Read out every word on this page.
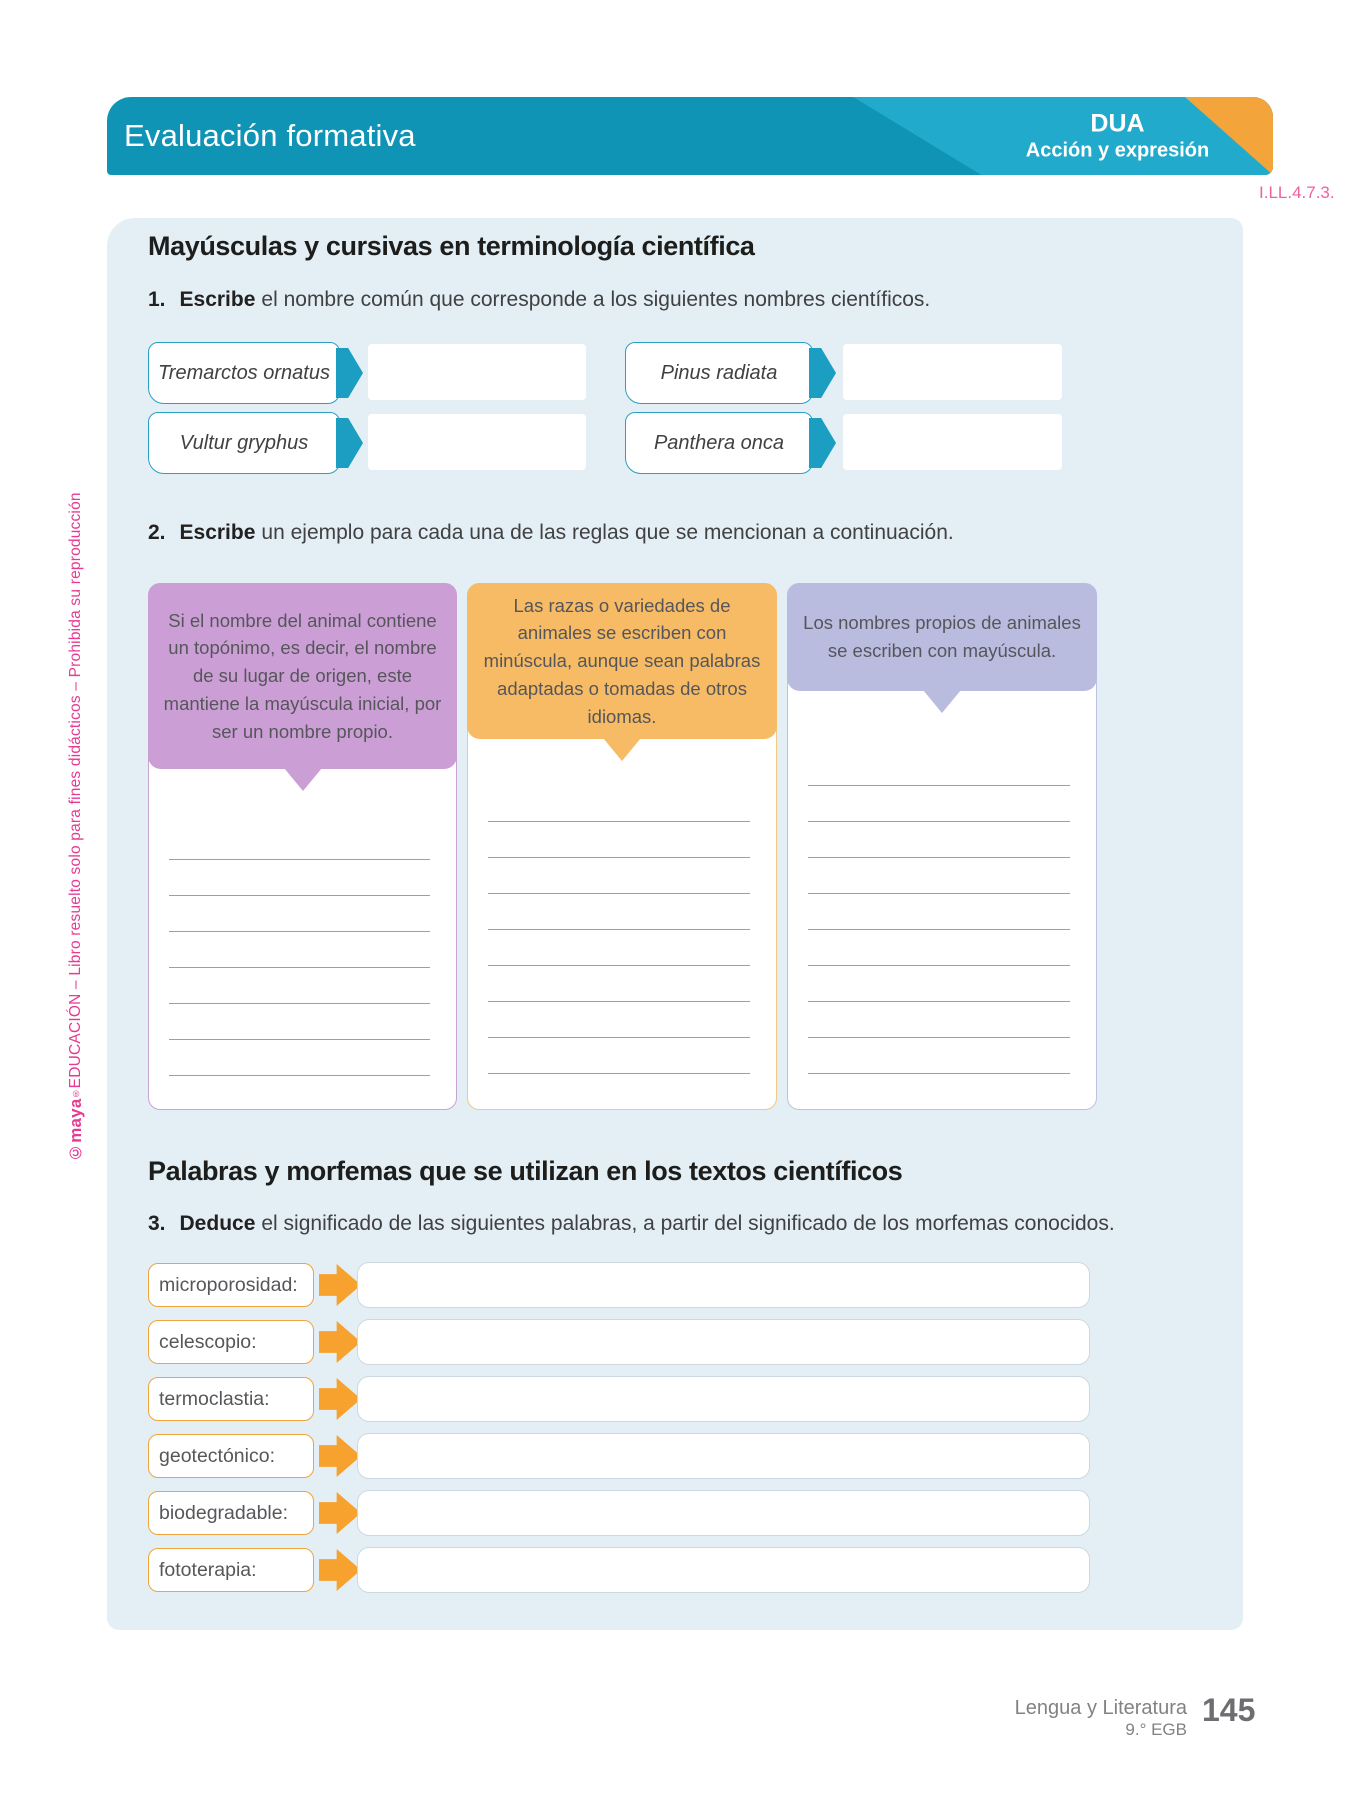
Evaluación formativa	DUA
Acción y expresión
I.LL.4.7.3.
©maya®EDUCACIÓN – Libro resuelto solo para fines didácticos – Prohibida su reproducción
Mayúsculas y cursivas en terminología científica
1. Escribe el nombre común que corresponde a los siguientes nombres científicos.
Tremarctos ornatus	Pinus radiata
Vultur gryphus	Panthera onca
2. Escribe un ejemplo para cada una de las reglas que se mencionan a continuación.
Si el nombre del animal contiene un topónimo, es decir, el nombre de su lugar de origen, este mantiene la mayúscula inicial, por ser un nombre propio.
Las razas o variedades de animales se escriben con minúscula, aunque sean palabras adaptadas o tomadas de otros idiomas.
Los nombres propios de animales se escriben con mayúscula.
Palabras y morfemas que se utilizan en los textos científicos
3. Deduce el significado de las siguientes palabras, a partir del significado de los morfemas conocidos.
microporosidad:
celescopio:
termoclastia:
geotectónico:
biodegradable:
fototerapia:
Lengua y Literatura
9.° EGB
145
